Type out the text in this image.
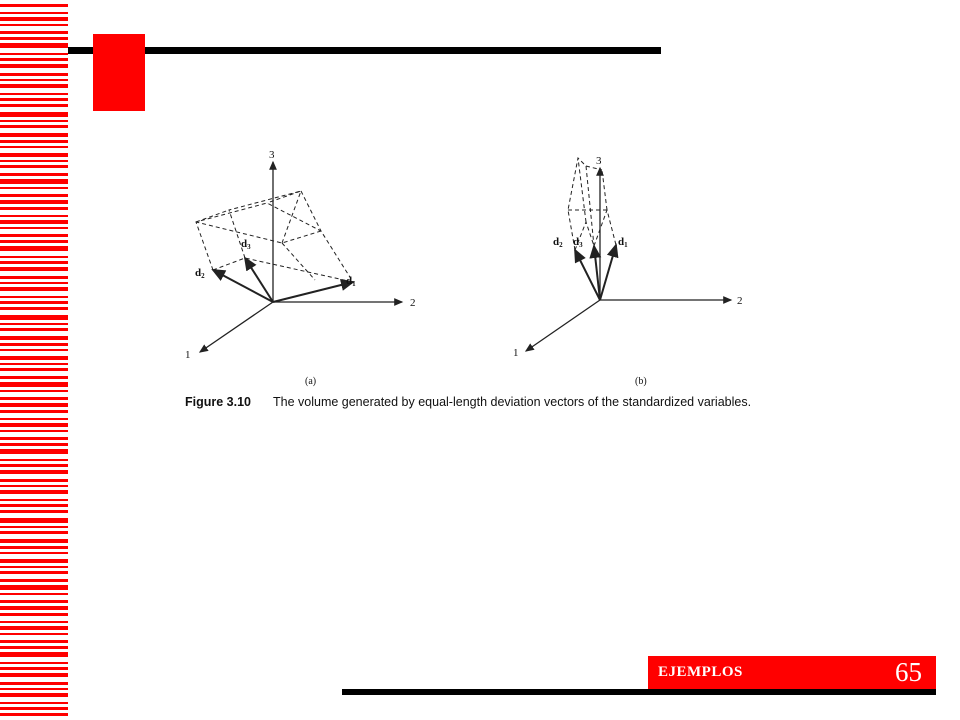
3
2
1
d2
d3
d1
(a)
3
2
1
d2 d3	d1
(b)

Figure 3.10 The volume generated by equal-length deviation vectors of the standardized variables.

EJEMPLOS	65
